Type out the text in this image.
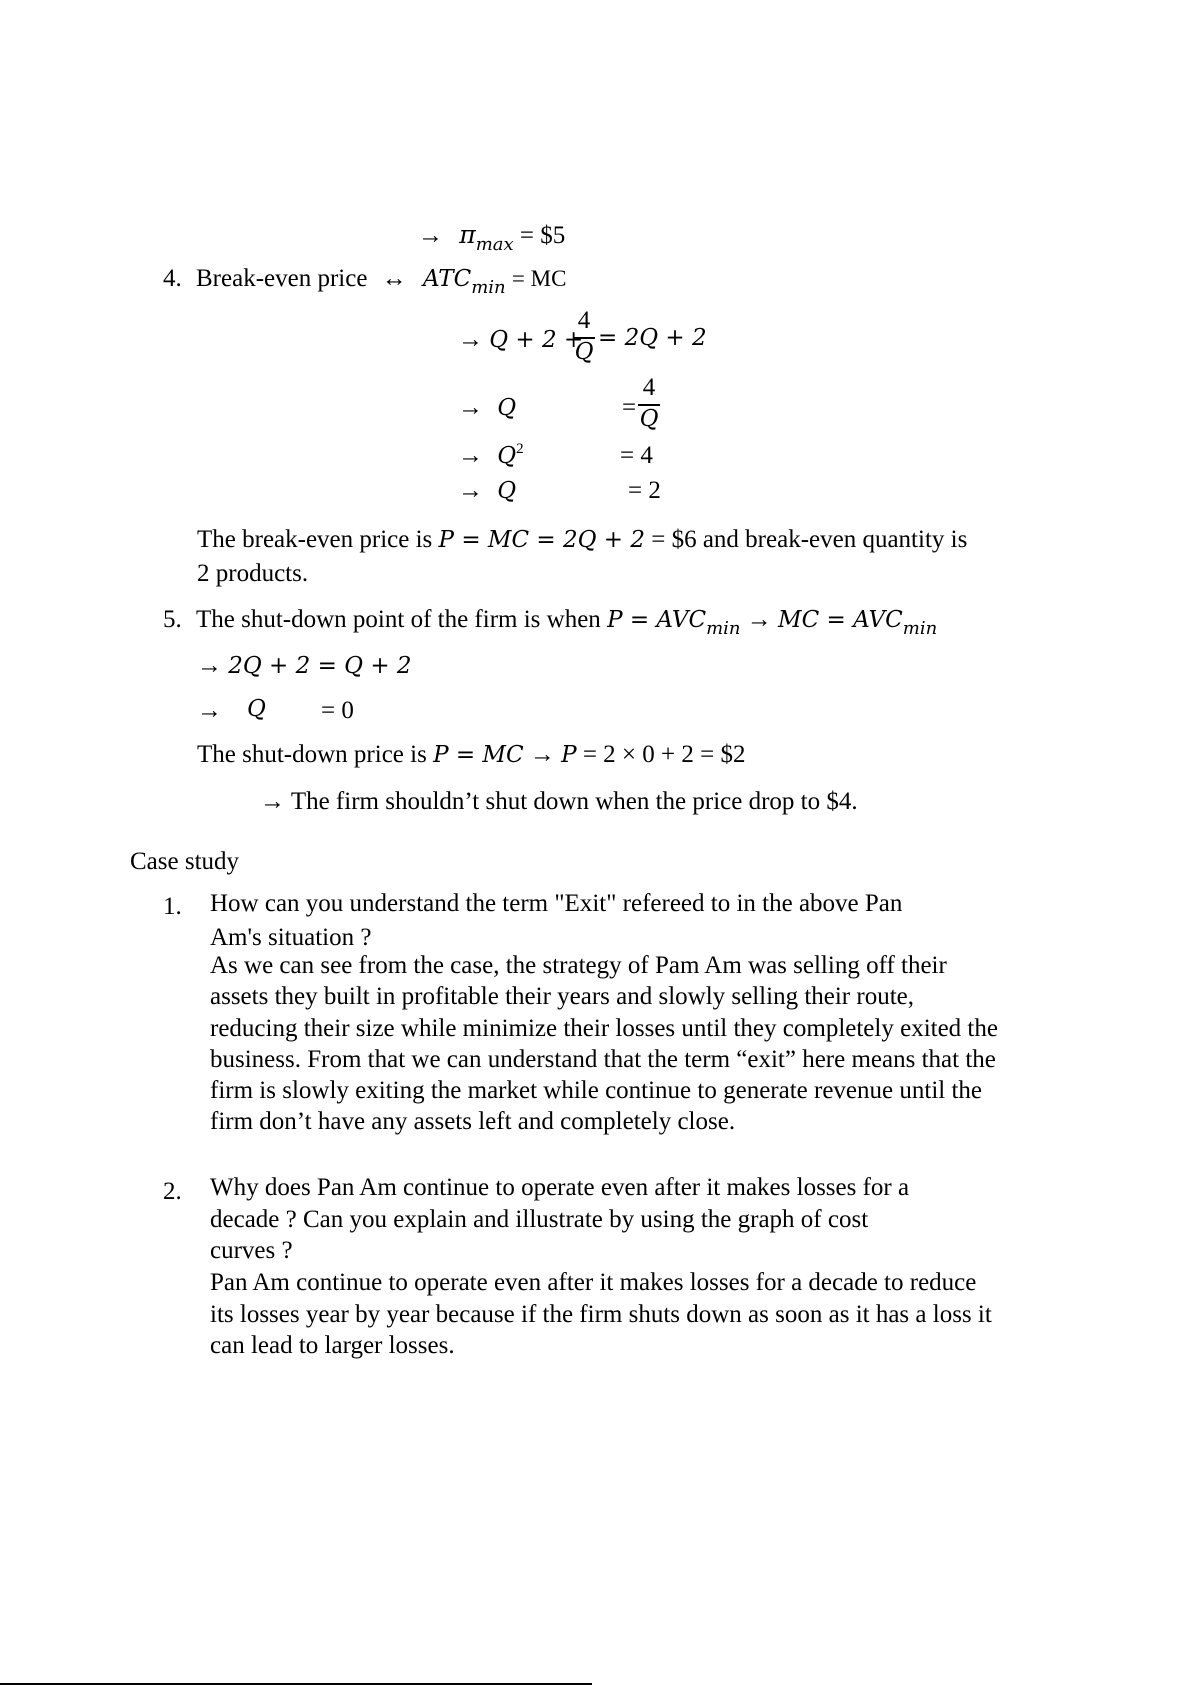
→ $\pi_{max}$ = $5
4. Break-even price ↔ $ATC_{min}$ = MC
→ Q + 2 +
4
Q
= 2Q + 2
→ Q	=
4
Q
→ $Q^2$	= 4
→ Q	= 2
The break-even price is P = MC = 2Q + 2 = $6 and break-even quantity is
2 products.
5. The shut-down point of the firm is when $P = AVC_{min}$ → MC = $AVC_{min}$
→ 2Q + 2 = Q + 2
→ Q = 0
The shut-down price is P = MC → P = 2 × 0 + 2 = $2
→ The firm shouldn’t shut down when the price drop to $4.
Case study
1. How can you understand the term "Exit" refereed to in the above Pan Am's situation ?
As we can see from the case, the strategy of Pam Am was selling off their assets they built in profitable their years and slowly selling their route, reducing their size while minimize their losses until they completely exited the business. From that we can understand that the term “exit” here means that the firm is slowly exiting the market while continue to generate revenue until the firm don’t have any assets left and completely close.
2. Why does Pan Am continue to operate even after it makes losses for a decade ? Can you explain and illustrate by using the graph of cost curves ?
Pan Am continue to operate even after it makes losses for a decade to reduce its losses year by year because if the firm shuts down as soon as it has a loss it can lead to larger losses.
